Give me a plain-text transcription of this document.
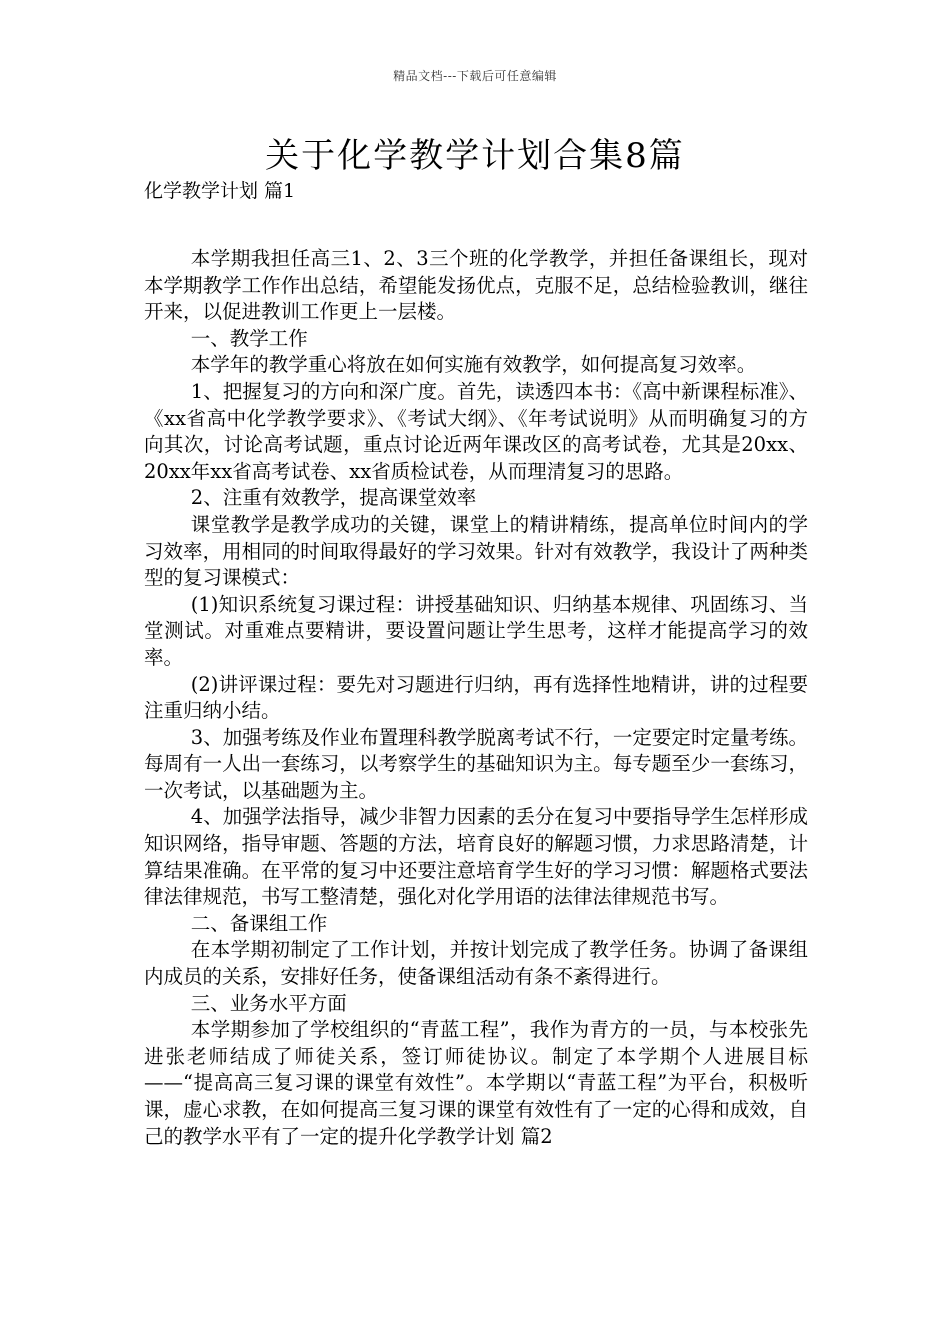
精品文档---下载后可任意编辑
关于化学教学计划合集8篇
化学教学计划 篇1

本学期我担任高三1、2、3三个班的化学教学，并担任备课组长，现对本学期教学工作作出总结，希望能发扬优点，克服不足，总结检验教训，继往开来，以促进教训工作更上一层楼。

一、教学工作

本学年的教学重心将放在如何实施有效教学，如何提高复习效率。

1、把握复习的方向和深广度。首先，读透四本书：《高中新课程标准》、《xx省高中化学教学要求》、《考试大纲》、《年考试说明》从而明确复习的方向其次，讨论高考试题，重点讨论近两年课改区的高考试卷，尤其是20xx、20xx年xx省高考试卷、xx省质检试卷，从而理清复习的思路。

2、注重有效教学，提高课堂效率

课堂教学是教学成功的关键，课堂上的精讲精练，提高单位时间内的学习效率，用相同的时间取得最好的学习效果。针对有效教学，我设计了两种类型的复习课模式：

(1)知识系统复习课过程：讲授基础知识、归纳基本规律、巩固练习、当堂测试。对重难点要精讲，要设置问题让学生思考，这样才能提高学习的效率。

(2)讲评课过程：要先对习题进行归纳，再有选择性地精讲，讲的过程要注重归纳小结。

3、加强考练及作业布置理科教学脱离考试不行，一定要定时定量考练。每周有一人出一套练习，以考察学生的基础知识为主。每专题至少一套练习，一次考试，以基础题为主。

4、加强学法指导，减少非智力因素的丢分在复习中要指导学生怎样形成知识网络，指导审题、答题的方法，培育良好的解题习惯，力求思路清楚，计算结果准确。在平常的复习中还要注意培育学生好的学习习惯：解题格式要法律法律规范，书写工整清楚，强化对化学用语的法律法律规范书写。

二、备课组工作

在本学期初制定了工作计划，并按计划完成了教学任务。协调了备课组内成员的关系，安排好任务，使备课组活动有条不紊得进行。

三、业务水平方面

本学期参加了学校组织的“青蓝工程”，我作为青方的一员，与本校张先进张老师结成了师徒关系，签订师徒协议。制定了本学期个人进展目标——“提高高三复习课的课堂有效性”。本学期以“青蓝工程”为平台，积极听课，虚心求教，在如何提高三复习课的课堂有效性有了一定的心得和成效，自己的教学水平有了一定的提升化学教学计划 篇2
